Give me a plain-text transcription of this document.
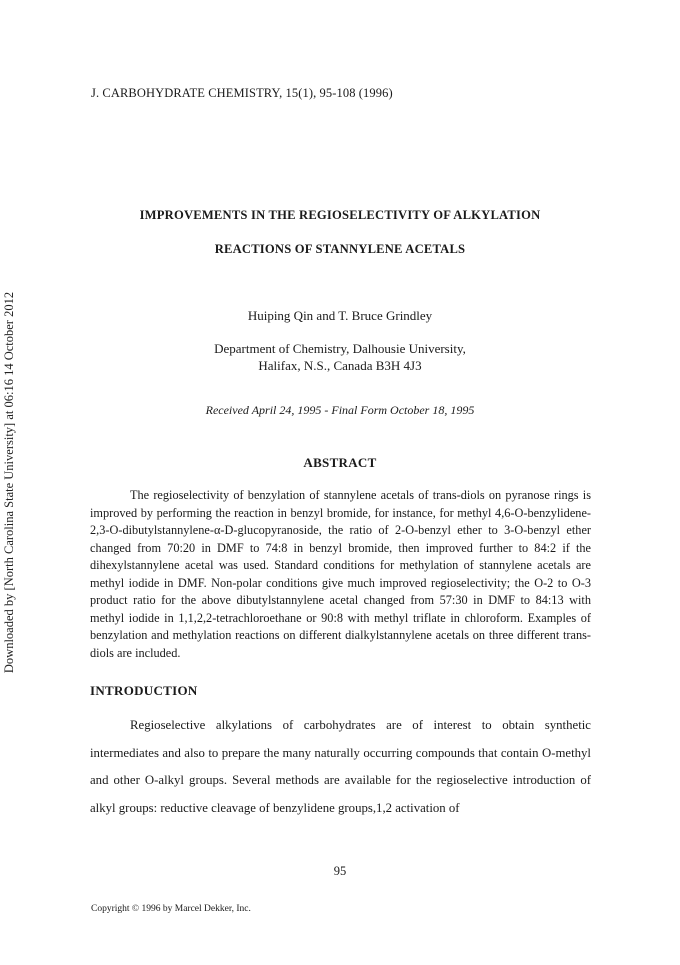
Downloaded by [North Carolina State University] at 06:16 14 October 2012
J. CARBOHYDRATE CHEMISTRY, 15(1), 95-108 (1996)
IMPROVEMENTS IN THE REGIOSELECTIVITY OF ALKYLATION
REACTIONS OF STANNYLENE ACETALS
Huiping Qin and T. Bruce Grindley
Department of Chemistry, Dalhousie University,
Halifax, N.S., Canada B3H 4J3
Received April 24, 1995 - Final Form October 18, 1995
ABSTRACT

The regioselectivity of benzylation of stannylene acetals of trans-diols on pyranose rings is improved by performing the reaction in benzyl bromide, for instance, for methyl 4,6-O-benzylidene-2,3-O-dibutylstannylene-α-D-glucopyranoside, the ratio of 2-O-benzyl ether to 3-O-benzyl ether changed from 70:20 in DMF to 74:8 in benzyl bromide, then improved further to 84:2 if the dihexylstannylene acetal was used. Standard conditions for methylation of stannylene acetals are methyl iodide in DMF. Non-polar conditions give much improved regioselectivity; the O-2 to O-3 product ratio for the above dibutylstannylene acetal changed from 57:30 in DMF to 84:13 with methyl iodide in 1,1,2,2-tetrachloroethane or 90:8 with methyl triflate in chloroform. Examples of benzylation and methylation reactions on different dialkylstannylene acetals on three different trans-diols are included.

INTRODUCTION

Regioselective alkylations of carbohydrates are of interest to obtain synthetic intermediates and also to prepare the many naturally occurring compounds that contain O-methyl and other O-alkyl groups. Several methods are available for the regioselective introduction of alkyl groups: reductive cleavage of benzylidene groups,1,2 activation of

95
Copyright © 1996 by Marcel Dekker, Inc.
